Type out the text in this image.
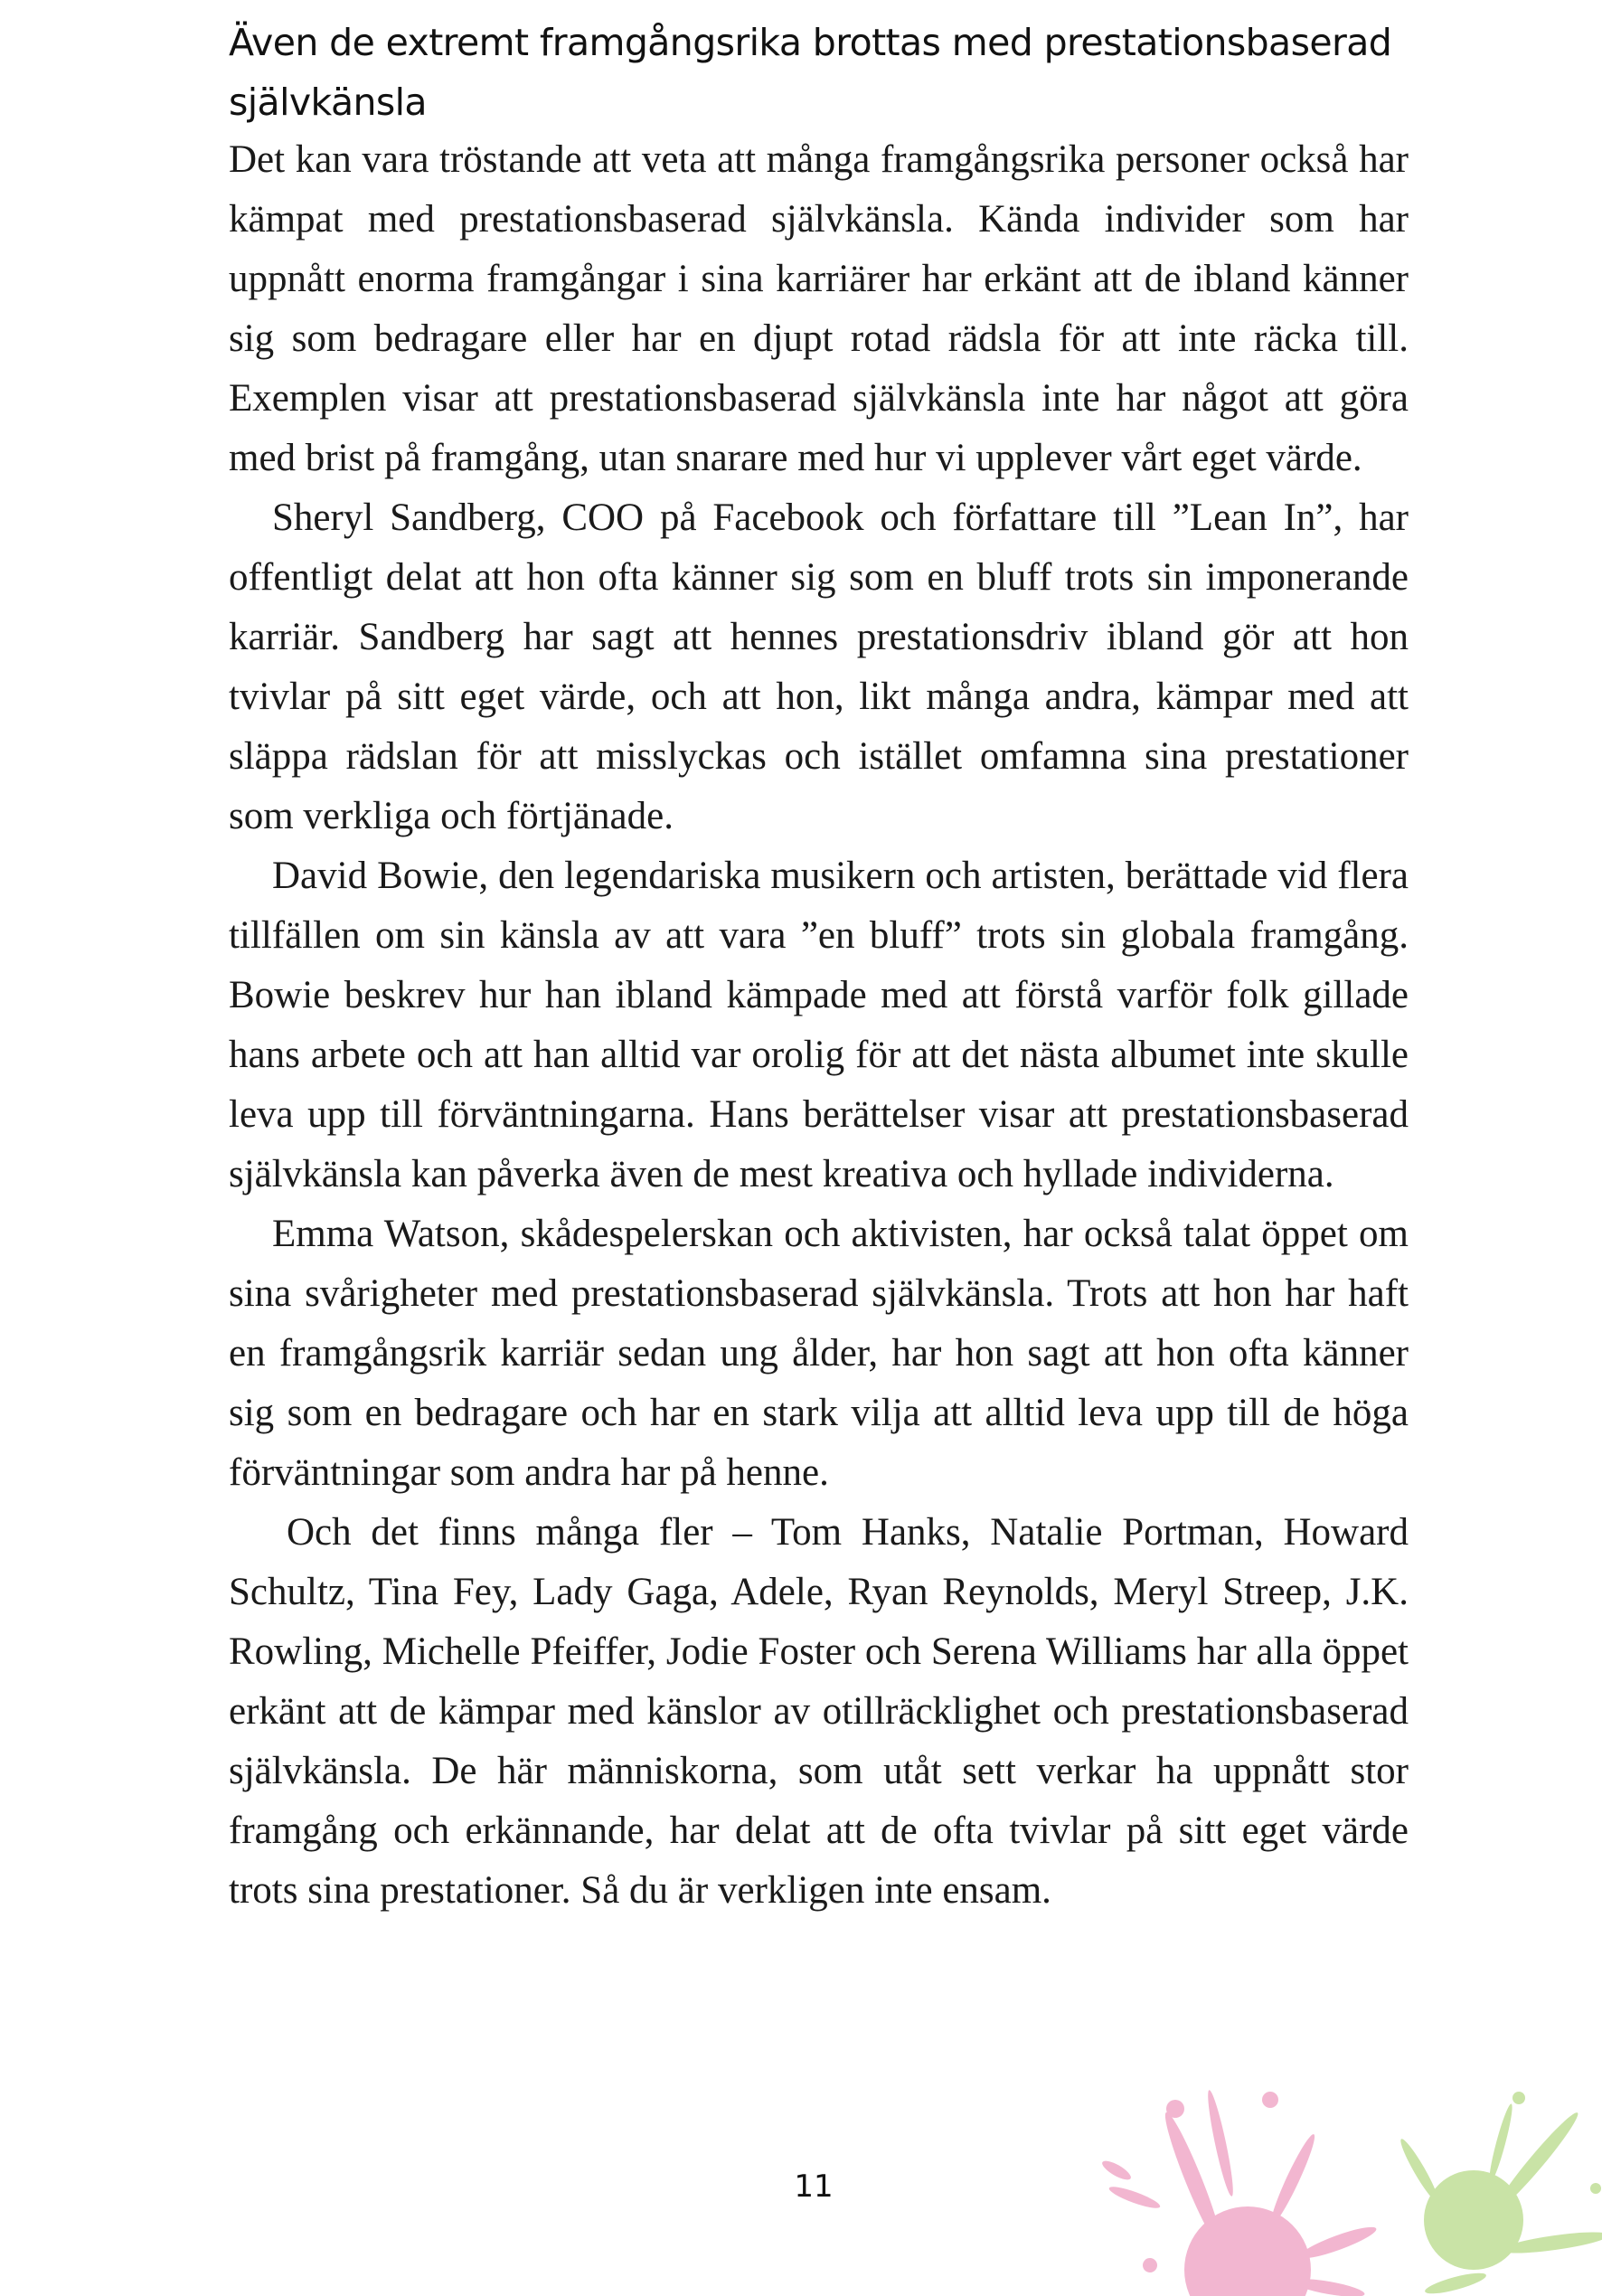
Även de extremt framgångsrika brottas med prestationsbaserad självkänsla

Det kan vara tröstande att veta att många framgångsrika personer också har kämpat med prestationsbaserad självkänsla. Kända individer som har uppnått enorma framgångar i sina karriärer har erkänt att de ibland känner sig som bedragare eller har en djupt rotad rädsla för att inte räcka till. Exemplen visar att prestationsbaserad självkänsla inte har något att göra med brist på framgång, utan snarare med hur vi upplever vårt eget värde.

Sheryl Sandberg, COO på Facebook och författare till ”Lean In”, har offentligt delat att hon ofta känner sig som en bluff trots sin imponerande karriär. Sandberg har sagt att hennes prestationsdriv ibland gör att hon tvivlar på sitt eget värde, och att hon, likt många andra, kämpar med att släppa rädslan för att misslyckas och istället omfamna sina prestationer som verkliga och förtjänade.

David Bowie, den legendariska musikern och artisten, berättade vid flera tillfällen om sin känsla av att vara ”en bluff” trots sin globala framgång. Bowie beskrev hur han ibland kämpade med att förstå varför folk gillade hans arbete och att han alltid var orolig för att det nästa albumet inte skulle leva upp till förväntningarna. Hans berättelser visar att prestationsbaserad självkänsla kan påverka även de mest kreativa och hyllade individerna.

Emma Watson, skådespelerskan och aktivisten, har också talat öppet om sina svårigheter med prestationsbaserad självkänsla. Trots att hon har haft en framgångsrik karriär sedan ung ålder, har hon sagt att hon ofta känner sig som en bedragare och har en stark vilja att alltid leva upp till de höga förväntningar som andra har på henne.

Och det finns många fler – Tom Hanks, Natalie Portman, Howard Schultz, Tina Fey, Lady Gaga, Adele, Ryan Reynolds, Meryl Streep, J.K. Rowling, Michelle Pfeiffer, Jodie Foster och Serena Williams har alla öppet erkänt att de kämpar med känslor av otillräcklighet och prestationsbaserad självkänsla. De här människorna, som utåt sett verkar ha uppnått stor framgång och erkännande, har delat att de ofta tvivlar på sitt eget värde trots sina prestationer. Så du är verkligen inte ensam.

11
